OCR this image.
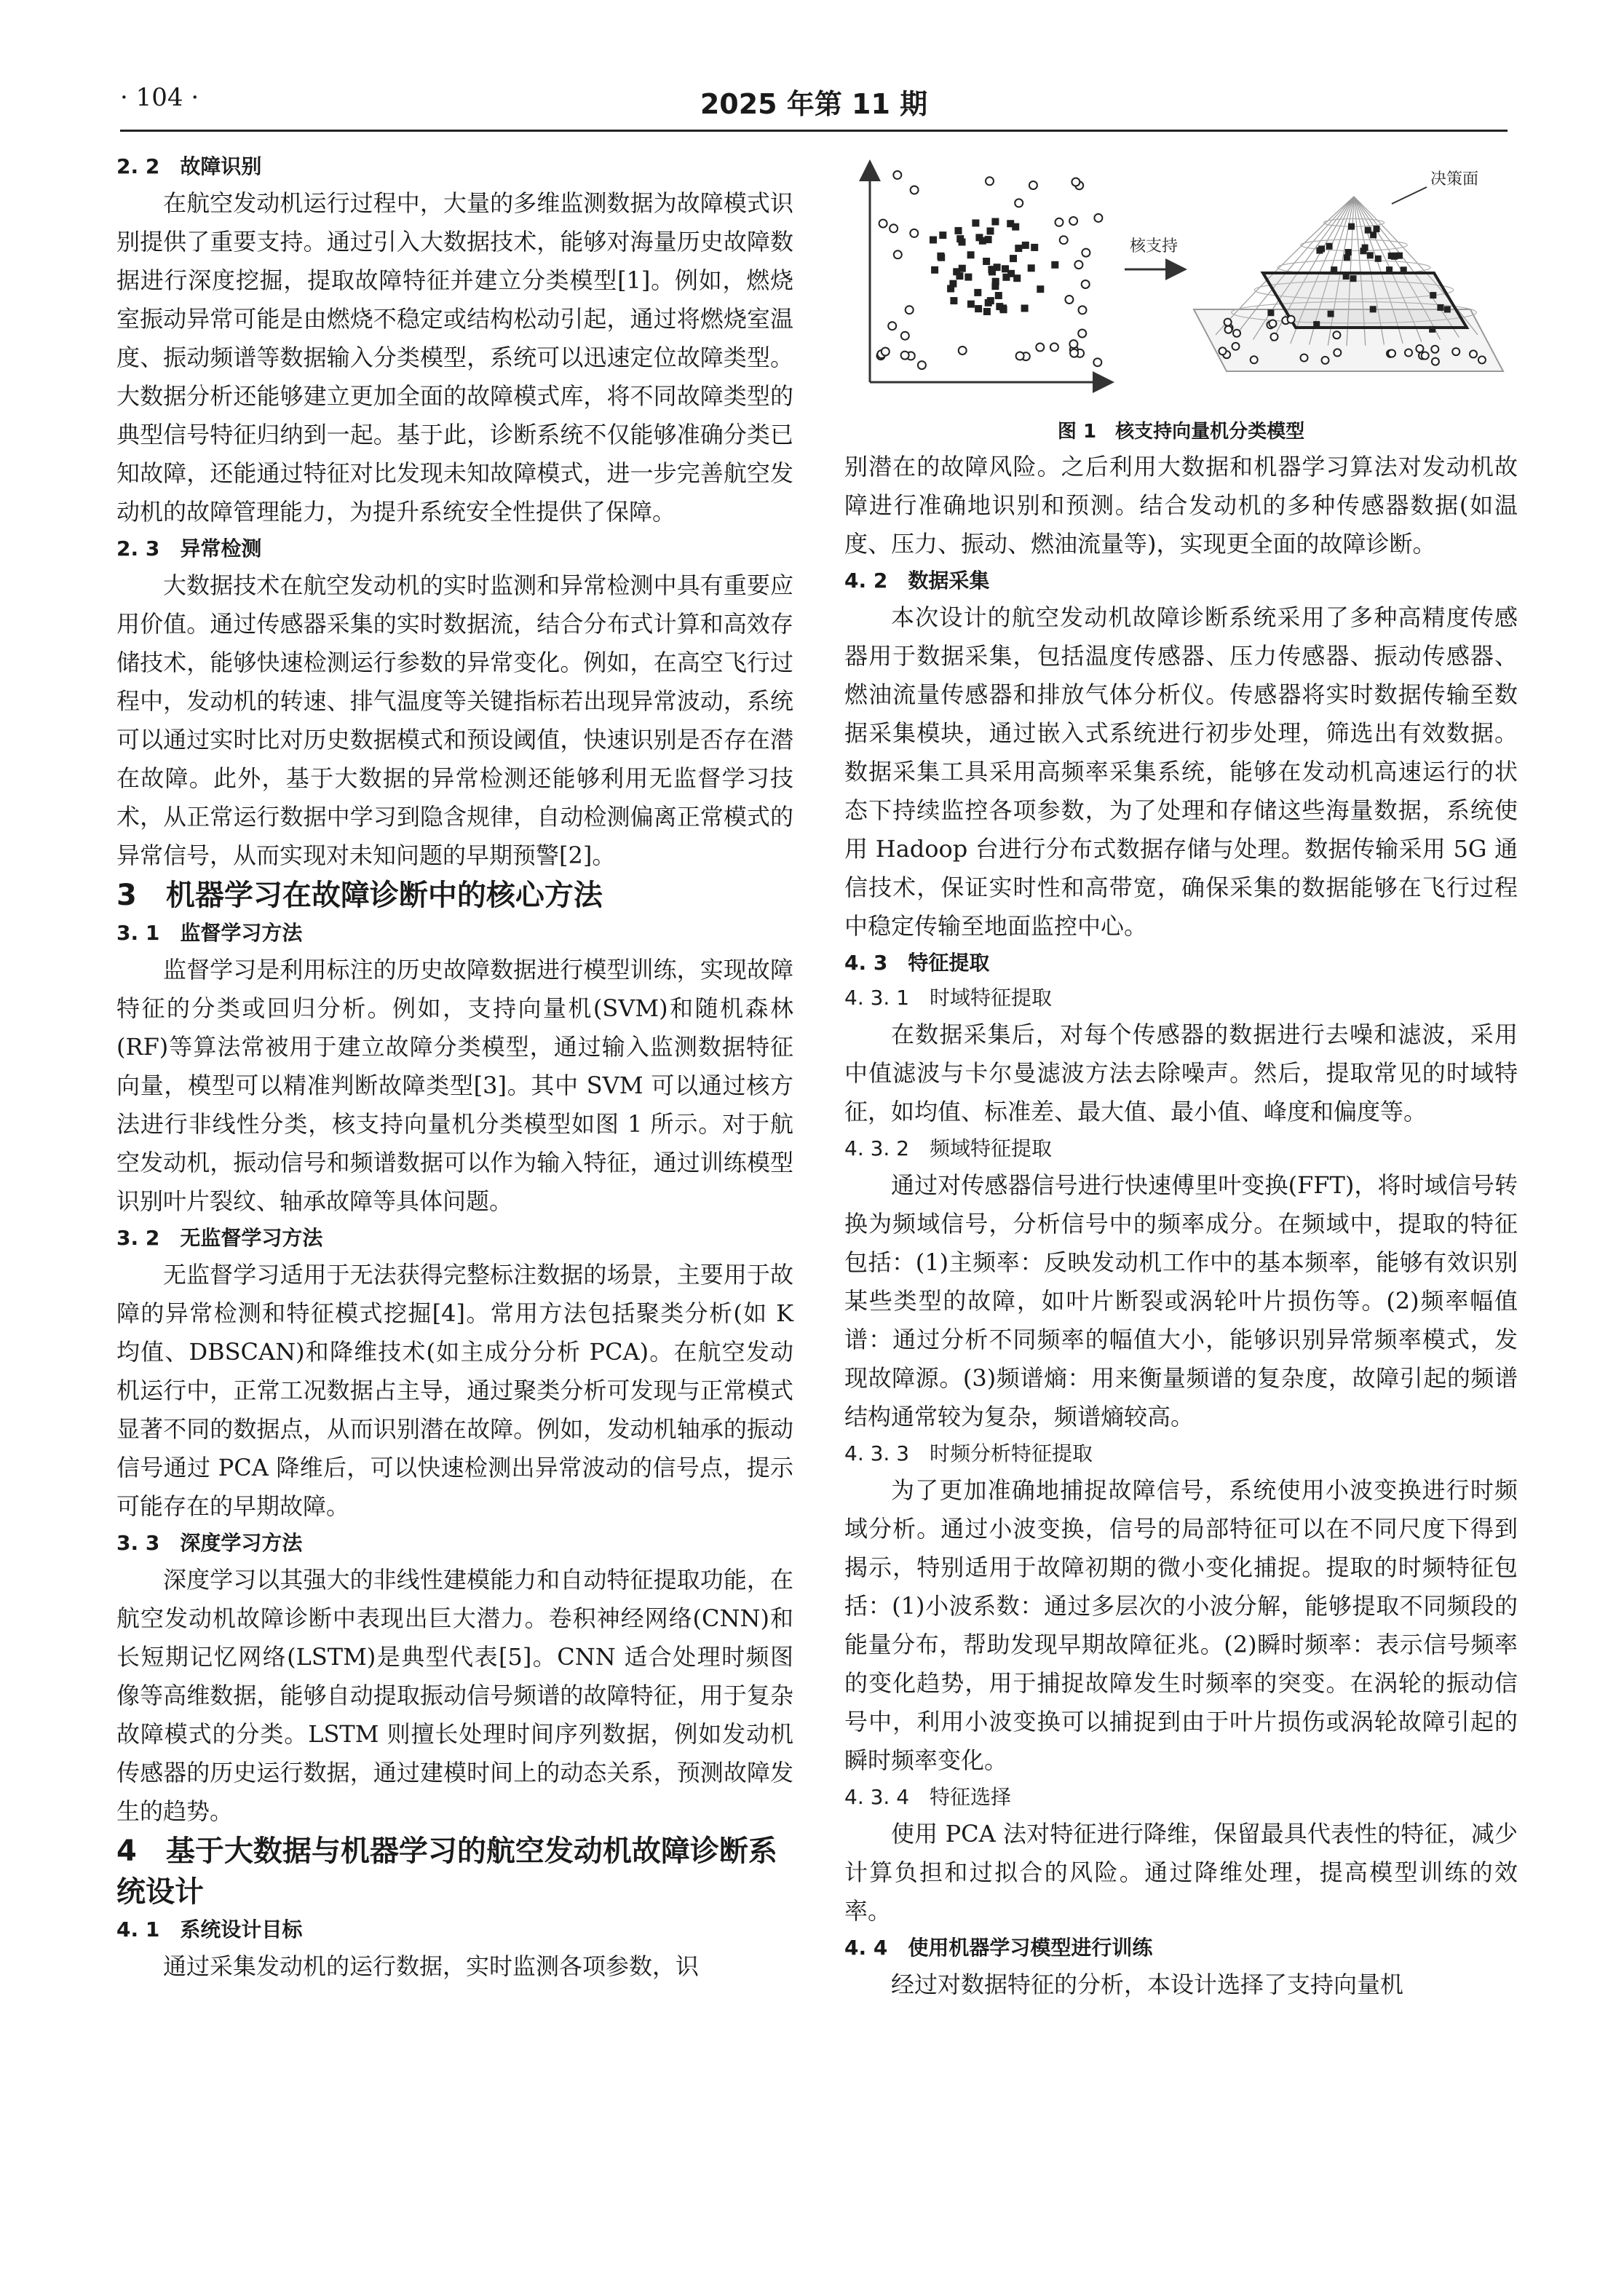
· 104 ·	2025 年第 11 期
2. 2　故障识别
在航空发动机运行过程中，大量的多维监测数据为故障模式识别提供了重要支持。通过引入大数据技术，能够对海量历史故障数据进行深度挖掘，提取故障特征并建立分类模型[1]。例如，燃烧室振动异常可能是由燃烧不稳定或结构松动引起，通过将燃烧室温度、振动频谱等数据输入分类模型，系统可以迅速定位故障类型。大数据分析还能够建立更加全面的故障模式库，将不同故障类型的典型信号特征归纳到一起。基于此，诊断系统不仅能够准确分类已知故障，还能通过特征对比发现未知故障模式，进一步完善航空发动机的故障管理能力，为提升系统安全性提供了保障。
2. 3　异常检测
大数据技术在航空发动机的实时监测和异常检测中具有重要应用价值。通过传感器采集的实时数据流，结合分布式计算和高效存储技术，能够快速检测运行参数的异常变化。例如，在高空飞行过程中，发动机的转速、排气温度等关键指标若出现异常波动，系统可以通过实时比对历史数据模式和预设阈值，快速识别是否存在潜在故障。此外，基于大数据的异常检测还能够利用无监督学习技术，从正常运行数据中学习到隐含规律，自动检测偏离正常模式的异常信号，从而实现对未知问题的早期预警[2]。
3　机器学习在故障诊断中的核心方法
3. 1　监督学习方法
监督学习是利用标注的历史故障数据进行模型训练，实现故障特征的分类或回归分析。例如，支持向量机(SVM)和随机森林(RF)等算法常被用于建立故障分类模型，通过输入监测数据特征向量，模型可以精准判断故障类型[3]。其中 SVM 可以通过核方法进行非线性分类，核支持向量机分类模型如图 1 所示。对于航空发动机，振动信号和频谱数据可以作为输入特征，通过训练模型识别叶片裂纹、轴承故障等具体问题。
3. 2　无监督学习方法
无监督学习适用于无法获得完整标注数据的场景，主要用于故障的异常检测和特征模式挖掘[4]。常用方法包括聚类分析(如 K 均值、DBSCAN)和降维技术(如主成分分析 PCA)。在航空发动机运行中，正常工况数据占主导，通过聚类分析可发现与正常模式显著不同的数据点，从而识别潜在故障。例如，发动机轴承的振动信号通过 PCA 降维后，可以快速检测出异常波动的信号点，提示可能存在的早期故障。
3. 3　深度学习方法
深度学习以其强大的非线性建模能力和自动特征提取功能，在航空发动机故障诊断中表现出巨大潜力。卷积神经网络(CNN)和长短期记忆网络(LSTM)是典型代表[5]。CNN 适合处理时频图像等高维数据，能够自动提取振动信号频谱的故障特征，用于复杂故障模式的分类。LSTM 则擅长处理时间序列数据，例如发动机传感器的历史运行数据，通过建模时间上的动态关系，预测故障发生的趋势。
4　基于大数据与机器学习的航空发动机故障诊断系统设计
4. 1　系统设计目标
通过采集发动机的运行数据，实时监测各项参数，识
核支持
决策面
图 1　核支持向量机分类模型
别潜在的故障风险。之后利用大数据和机器学习算法对发动机故障进行准确地识别和预测。结合发动机的多种传感器数据(如温度、压力、振动、燃油流量等)，实现更全面的故障诊断。
4. 2　数据采集
本次设计的航空发动机故障诊断系统采用了多种高精度传感器用于数据采集，包括温度传感器、压力传感器、振动传感器、燃油流量传感器和排放气体分析仪。传感器将实时数据传输至数据采集模块，通过嵌入式系统进行初步处理，筛选出有效数据。数据采集工具采用高频率采集系统，能够在发动机高速运行的状态下持续监控各项参数，为了处理和存储这些海量数据，系统使用 Hadoop 台进行分布式数据存储与处理。数据传输采用 5G 通信技术，保证实时性和高带宽，确保采集的数据能够在飞行过程中稳定传输至地面监控中心。
4. 3　特征提取
4. 3. 1　时域特征提取
在数据采集后，对每个传感器的数据进行去噪和滤波，采用中值滤波与卡尔曼滤波方法去除噪声。然后，提取常见的时域特征，如均值、标准差、最大值、最小值、峰度和偏度等。
4. 3. 2　频域特征提取
通过对传感器信号进行快速傅里叶变换(FFT)，将时域信号转换为频域信号，分析信号中的频率成分。在频域中，提取的特征包括：(1)主频率：反映发动机工作中的基本频率，能够有效识别某些类型的故障，如叶片断裂或涡轮叶片损伤等。(2)频率幅值谱：通过分析不同频率的幅值大小，能够识别异常频率模式，发现故障源。(3)频谱熵：用来衡量频谱的复杂度，故障引起的频谱结构通常较为复杂，频谱熵较高。
4. 3. 3　时频分析特征提取
为了更加准确地捕捉故障信号，系统使用小波变换进行时频域分析。通过小波变换，信号的局部特征可以在不同尺度下得到揭示，特别适用于故障初期的微小变化捕捉。提取的时频特征包括：(1)小波系数：通过多层次的小波分解，能够提取不同频段的能量分布，帮助发现早期故障征兆。(2)瞬时频率：表示信号频率的变化趋势，用于捕捉故障发生时频率的突变。在涡轮的振动信号中，利用小波变换可以捕捉到由于叶片损伤或涡轮故障引起的瞬时频率变化。
4. 3. 4　特征选择
使用 PCA 法对特征进行降维，保留最具代表性的特征，减少计算负担和过拟合的风险。通过降维处理，提高模型训练的效率。
4. 4　使用机器学习模型进行训练
经过对数据特征的分析，本设计选择了支持向量机
